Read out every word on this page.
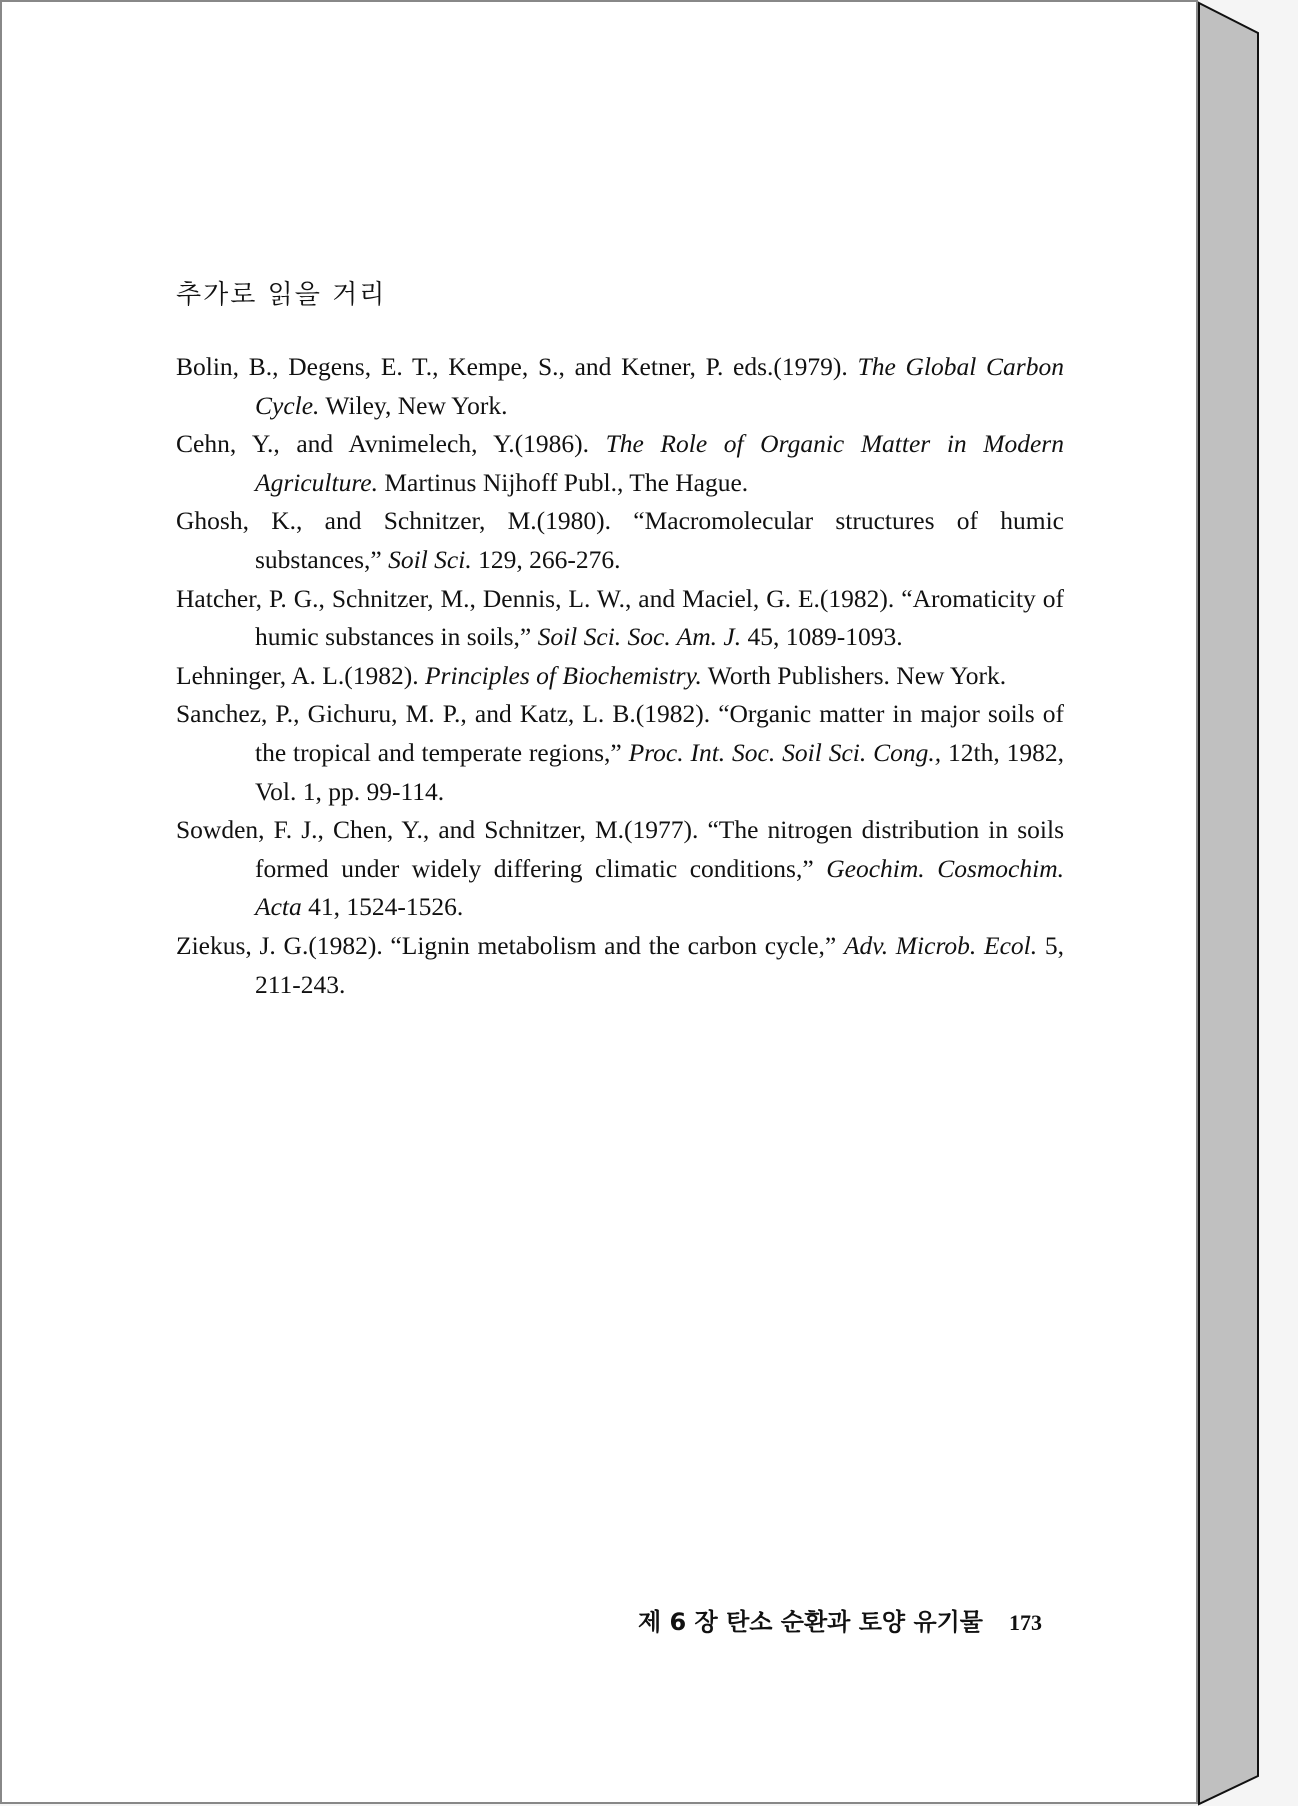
추가로 읽을 거리
Bolin, B., Degens, E. T., Kempe, S., and Ketner, P. eds.(1979). The Global Carbon Cycle. Wiley, New York.
Cehn, Y., and Avnimelech, Y.(1986). The Role of Organic Matter in Modern Agriculture. Martinus Nijhoff Publ., The Hague.
Ghosh, K., and Schnitzer, M.(1980). “Macromolecular structures of humic substances,” Soil Sci. 129, 266-276.
Hatcher, P. G., Schnitzer, M., Dennis, L. W., and Maciel, G. E.(1982). “Aromaticity of humic substances in soils,” Soil Sci. Soc. Am. J. 45, 1089-1093.
Lehninger, A. L.(1982). Principles of Biochemistry. Worth Publishers. New York.
Sanchez, P., Gichuru, M. P., and Katz, L. B.(1982). “Organic matter in major soils of the tropical and temperate regions,” Proc. Int. Soc. Soil Sci. Cong., 12th, 1982, Vol. 1, pp. 99-114.
Sowden, F. J., Chen, Y., and Schnitzer, M.(1977). “The nitrogen distribution in soils formed under widely differing climatic conditions,” Geochim. Cosmochim. Acta 41, 1524-1526.
Ziekus, J. G.(1982). “Lignin metabolism and the carbon cycle,” Adv. Microb. Ecol. 5, 211-243.
제 6 장 탄소 순환과 토양 유기물 173
